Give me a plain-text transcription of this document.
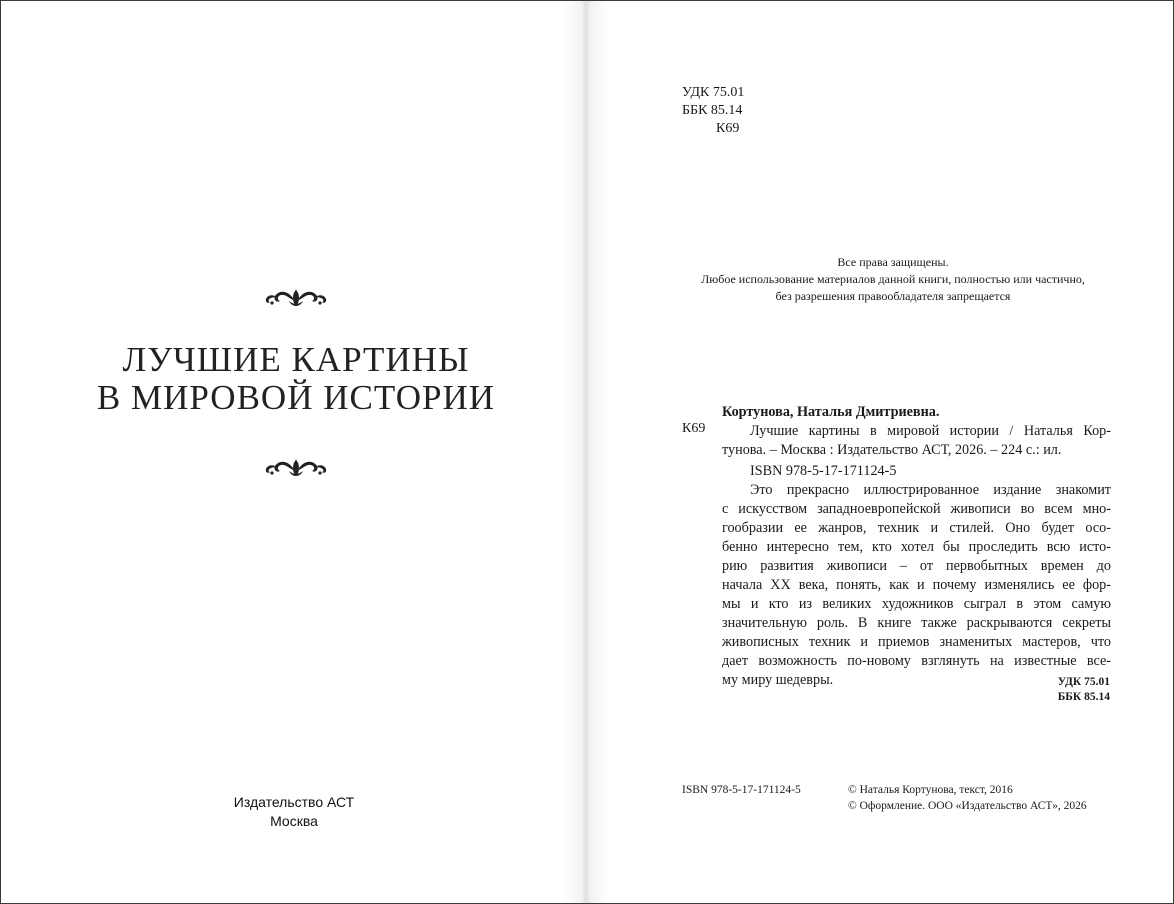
ЛУЧШИЕ КАРТИНЫ
В МИРОВОЙ ИСТОРИИ
Издательство АСТ
Москва
УДК 75.01
ББК 85.14
К69
Все права защищены.
Любое использование материалов данной книги, полностью или частично,
без разрешения правообладателя запрещается
К69
Кортунова, Наталья Дмитриевна.
Лучшие картины в мировой истории / Наталья Кор-
тунова. – Москва : Издательство АСТ, 2026. – 224 с.: ил.
ISBN 978-5-17-171124-5
Это прекрасно иллюстрированное издание знакомит
с искусством западноевропейской живописи во всем мно-
гообразии ее жанров, техник и стилей. Оно будет осо-
бенно интересно тем, кто хотел бы проследить всю исто-
рию развития живописи – от первобытных времен до
начала XX века, понять, как и почему изменялись ее фор-
мы и кто из великих художников сыграл в этом самую
значительную роль. В книге также раскрываются секреты
живописных техник и приемов знаменитых мастеров, что
дает возможность по-новому взглянуть на известные все-
му миру шедевры.	УДК 75.01
ББК 85.14
ISBN 978-5-17-171124-5	© Наталья Кортунова, текст, 2016
© Оформление. ООО «Издательство АСТ», 2026
